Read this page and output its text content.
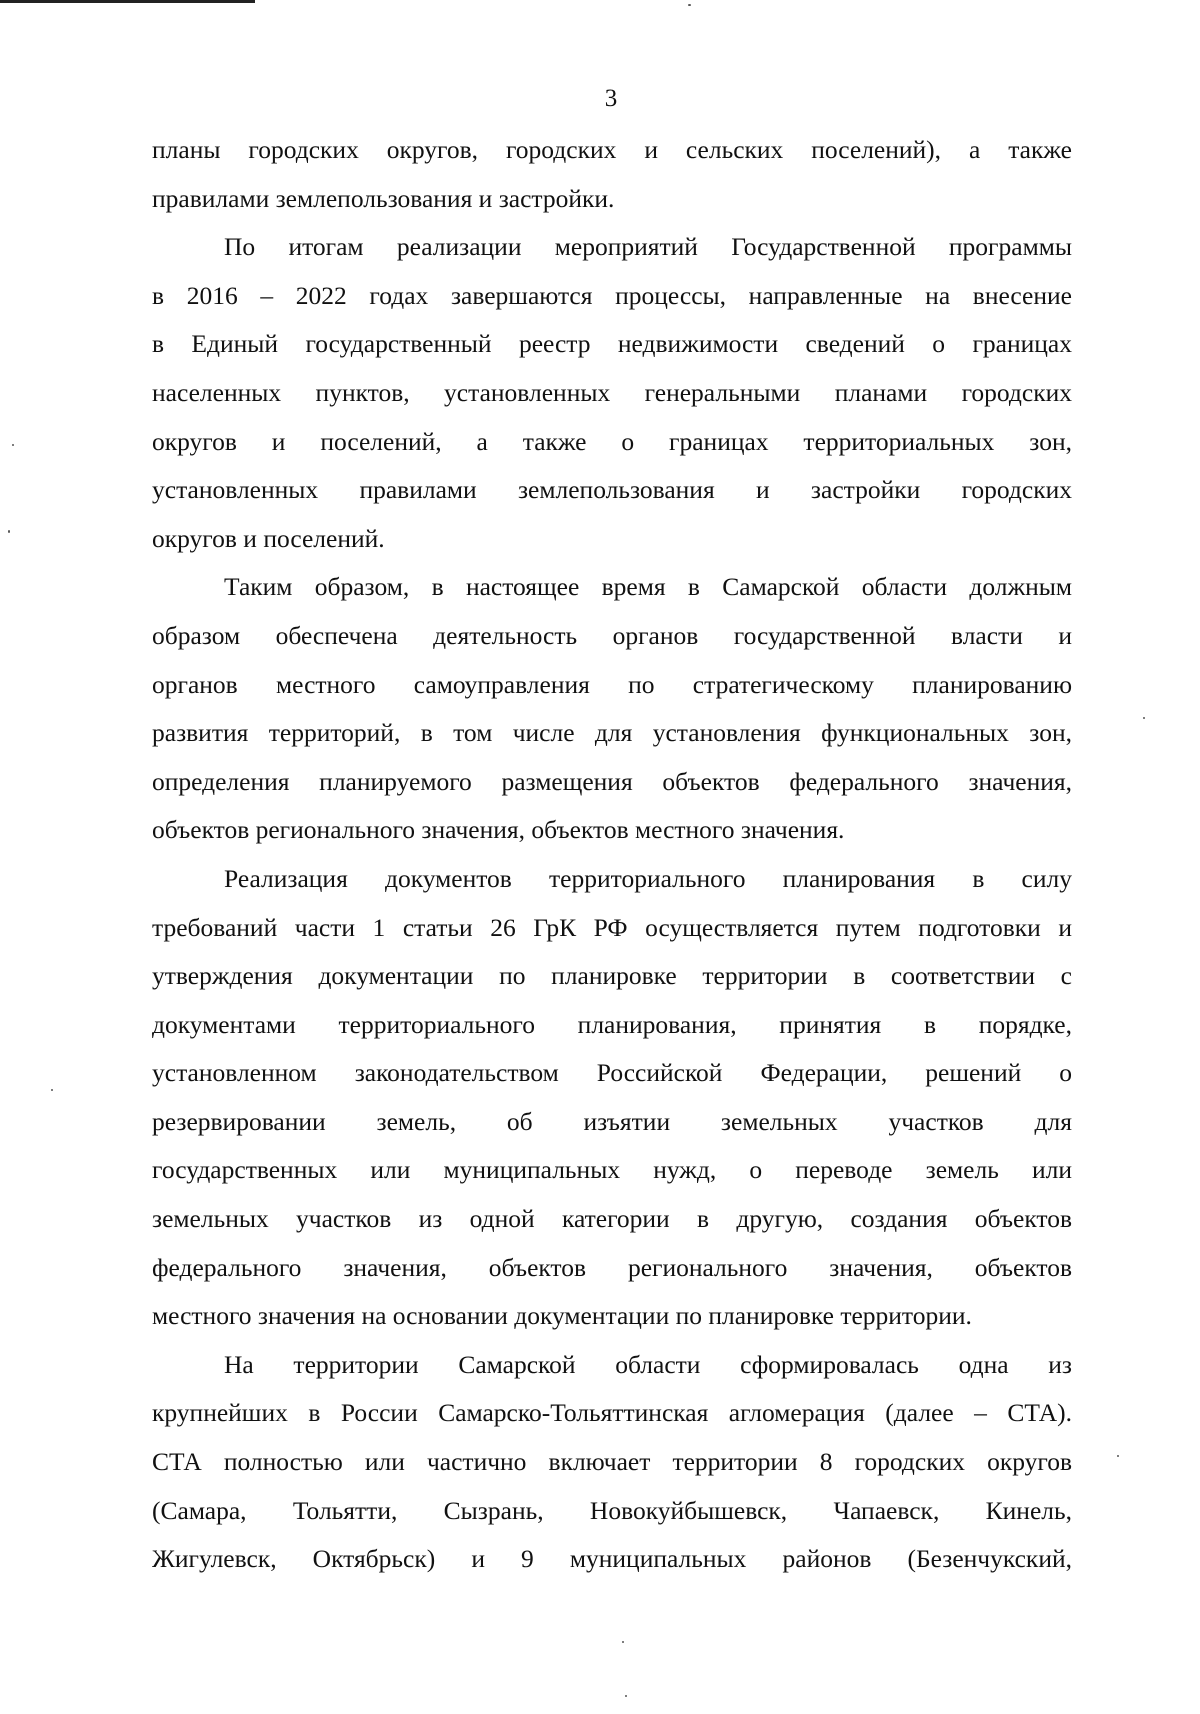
3

планы городских округов, городских и сельских поселений), а также
правилами землепользования и застройки.

По итогам реализации мероприятий Государственной программы
в 2016 – 2022 годах завершаются процессы, направленные на внесение
в Единый государственный реестр недвижимости сведений о границах
населенных пунктов, установленных генеральными планами городских
округов и поселений, а также о границах территориальных зон,
установленных правилами землепользования и застройки городских
округов и поселений.

Таким образом, в настоящее время в Самарской области должным
образом обеспечена деятельность органов государственной власти и
органов местного самоуправления по стратегическому планированию
развития территорий, в том числе для установления функциональных зон,
определения планируемого размещения объектов федерального значения,
объектов регионального значения, объектов местного значения.

Реализация документов территориального планирования в силу
требований части 1 статьи 26 ГрК РФ осуществляется путем подготовки и
утверждения документации по планировке территории в соответствии с
документами территориального планирования, принятия в порядке,
установленном законодательством Российской Федерации, решений о
резервировании земель, об изъятии земельных участков для
государственных или муниципальных нужд, о переводе земель или
земельных участков из одной категории в другую, создания объектов
федерального значения, объектов регионального значения, объектов
местного значения на основании документации по планировке территории.

На территории Самарской области сформировалась одна из
крупнейших в России Самарско-Тольяттинская агломерация (далее – СТА).
СТА полностью или частично включает территории 8 городских округов
(Самара, Тольятти, Сызрань, Новокуйбышевск, Чапаевск, Кинель,
Жигулевск, Октябрьск) и 9 муниципальных районов (Безенчукский,
